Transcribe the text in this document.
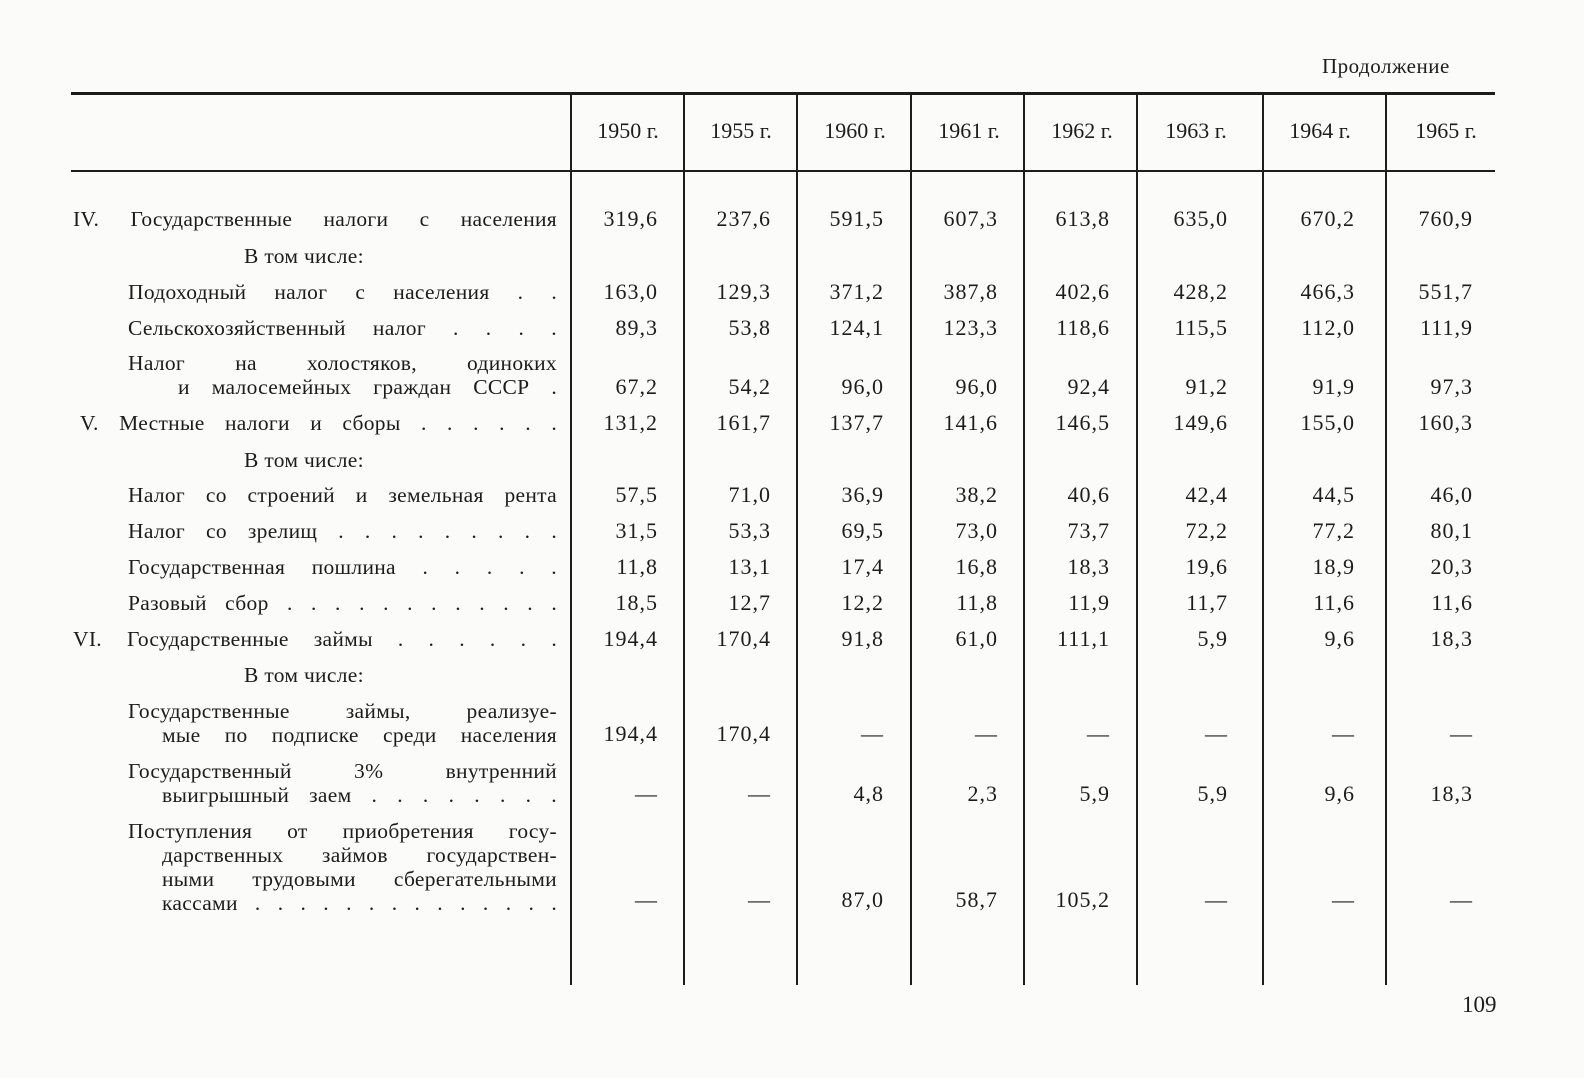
Продолжение
1950 г.	1955 г.	1960 г.	1961 г.	1962 г.	1963 г.	1964 г.	1965 г.
IV. Государственные налоги с населения	319,6	237,6	591,5	607,3	613,8	635,0	670,2	760,9
В том числе:
Подоходный налог с населения . .	163,0	129,3	371,2	387,8	402,6	428,2	466,3	551,7
Сельскохозяйственный налог . . . .	89,3	53,8	124,1	123,3	118,6	115,5	112,0	111,9
Налог на холостяков, одиноких
и малосемейных граждан СССР .	67,2	54,2	96,0	96,0	92,4	91,2	91,9	97,3
V. Местные налоги и сборы . . . . . .	131,2	161,7	137,7	141,6	146,5	149,6	155,0	160,3
В том числе:
Налог со строений и земельная рента	57,5	71,0	36,9	38,2	40,6	42,4	44,5	46,0
Налог со зрелищ . . . . . . . . .	31,5	53,3	69,5	73,0	73,7	72,2	77,2	80,1
Государственная пошлина . . . . .	11,8	13,1	17,4	16,8	18,3	19,6	18,9	20,3
Разовый сбор . . . . . . . . . . . .	18,5	12,7	12,2	11,8	11,9	11,7	11,6	11,6
VI. Государственные займы . . . . . .	194,4	170,4	91,8	61,0	111,1	5,9	9,6	18,3
В том числе:
Государственные займы, реализуе-
мые по подписке среди населения	194,4	170,4	—	—	—	—	—	—
Государственный 3% внутренний
выигрышный заем . . . . . . . .	—	—	4,8	2,3	5,9	5,9	9,6	18,3
Поступления от приобретения госу-
дарственных займов государствен-
ными трудовыми сберегательными
кассами . . . . . . . . . . . . . .	—	—	87,0	58,7	105,2	—	—	—
109
